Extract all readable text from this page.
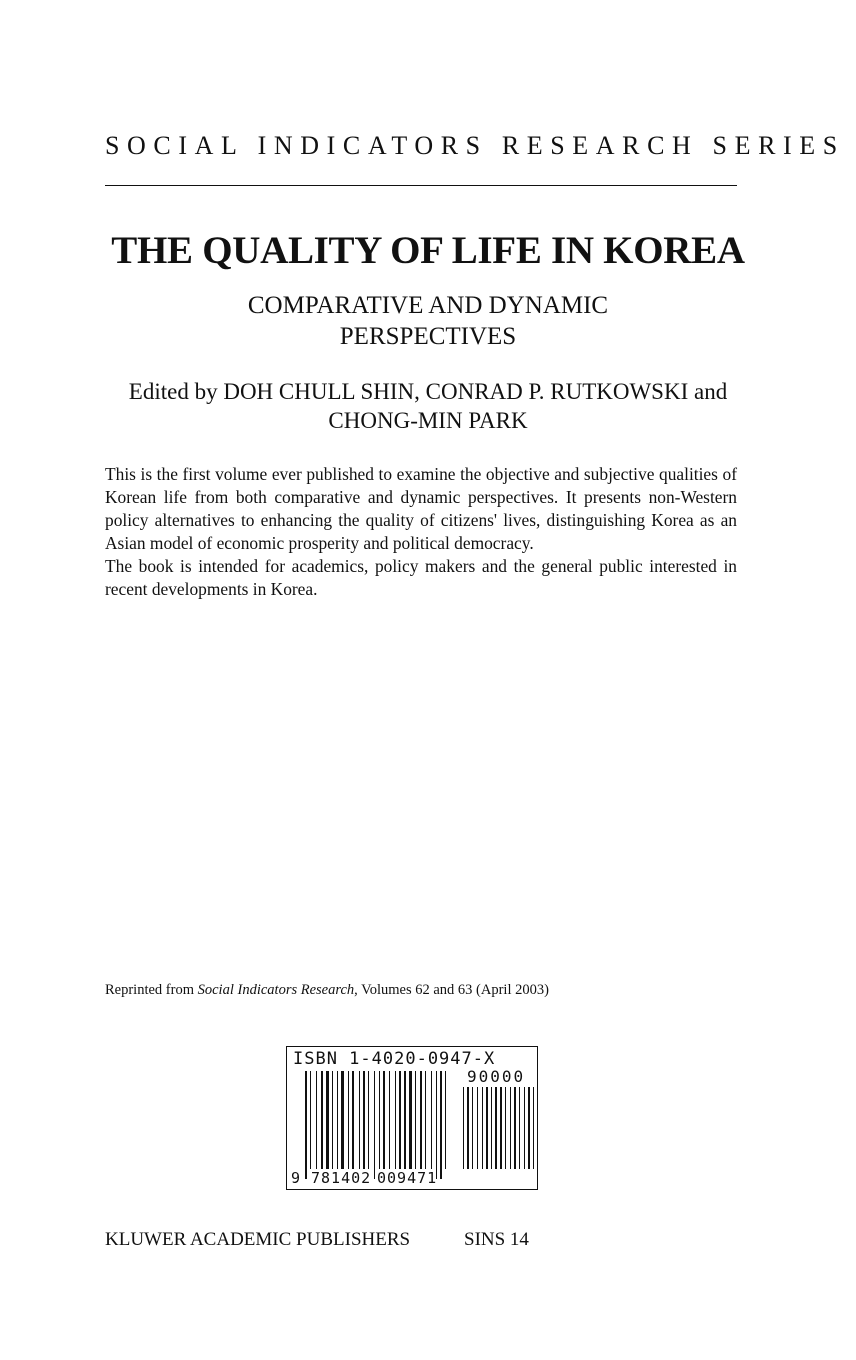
SOCIAL INDICATORS RESEARCH SERIES
THE QUALITY OF LIFE IN KOREA
COMPARATIVE AND DYNAMIC
PERSPECTIVES
Edited by DOH CHULL SHIN, CONRAD P. RUTKOWSKI and
CHONG-MIN PARK

This is the first volume ever published to examine the objective and subjective qualities of Korean life from both comparative and dynamic perspectives. It presents non-Western policy alternatives to enhancing the quality of citizens' lives, distinguishing Korea as an Asian model of economic prosperity and political democracy.

The book is intended for academics, policy makers and the general public interested in recent developments in Korea.

Reprinted from Social Indicators Research, Volumes 62 and 63 (April 2003)
ISBN 1-4020-0947-X
90000
9 781402 009471
KLUWER ACADEMIC PUBLISHERS	SINS 14
